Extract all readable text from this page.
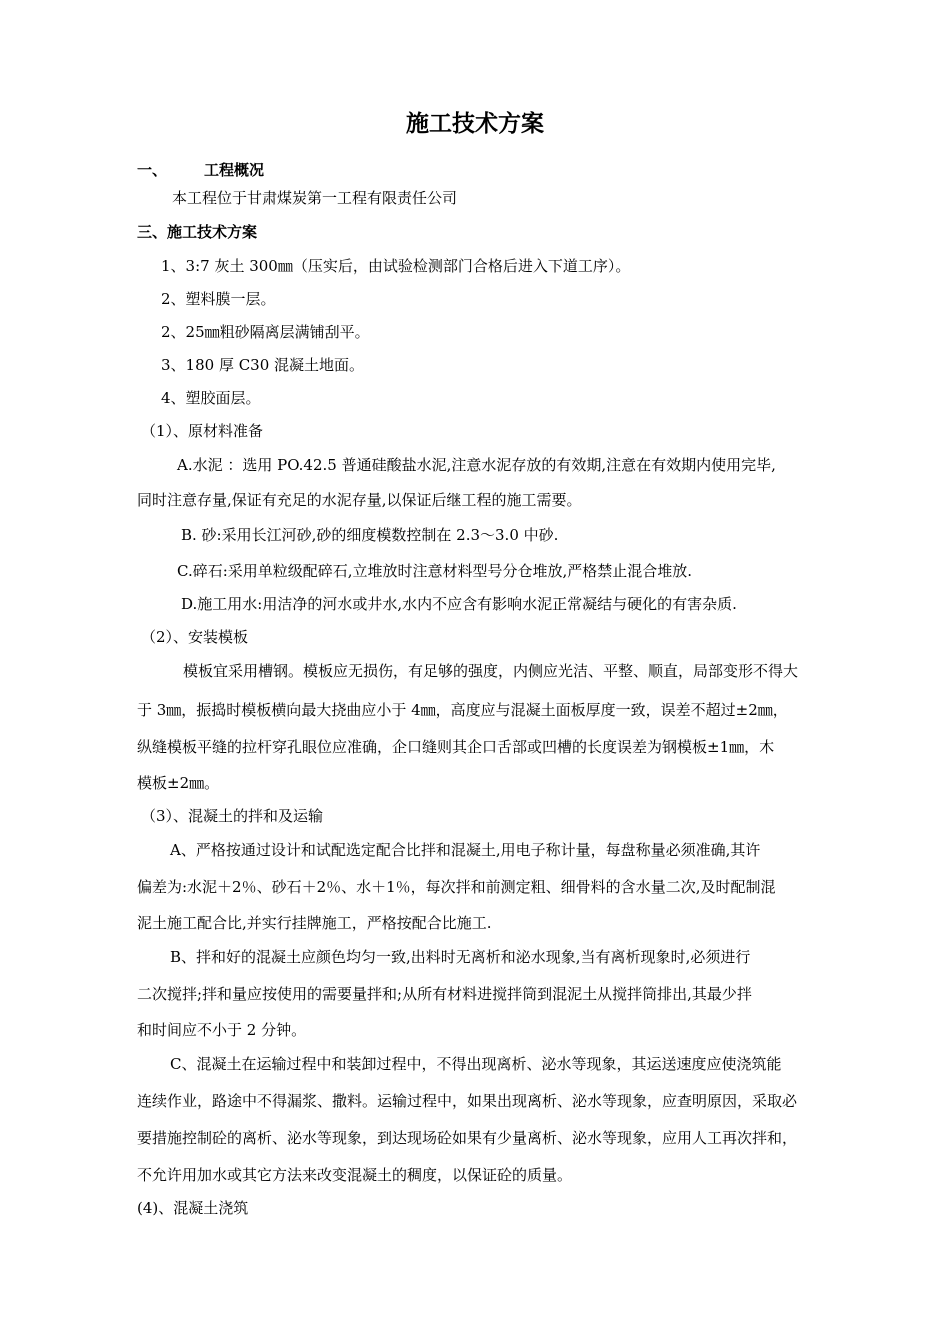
施工技术方案
一、 工程概况
本工程位于甘肃煤炭第一工程有限责任公司
三、施工技术方案
1、3:7 灰土 300㎜（压实后，由试验检测部门合格后进入下道工序）。
2、塑料膜一层。
2、25㎜粗砂隔离层满铺刮平。
3、180 厚 C30 混凝土地面。
4、塑胶面层。
（1）、原材料准备
A.水泥 ：选用 PO.42.5 普通硅酸盐水泥,注意水泥存放的有效期,注意在有效期内使用完毕,
同时注意存量,保证有充足的水泥存量,以保证后继工程的施工需要。
B. 砂:采用长江河砂,砂的细度模数控制在 2.3～3.0 中砂.
C.碎石:采用单粒级配碎石,立堆放时注意材料型号分仓堆放,严格禁止混合堆放.
D.施工用水:用洁净的河水或井水,水内不应含有影响水泥正常凝结与硬化的有害杂质.
（2）、安装模板
模板宜采用槽钢。模板应无损伤，有足够的强度，内侧应光洁、平整、顺直，局部变形不得大
于 3㎜，振捣时模板横向最大挠曲应小于 4㎜，高度应与混凝土面板厚度一致，误差不超过±2㎜，
纵缝模板平缝的拉杆穿孔眼位应准确，企口缝则其企口舌部或凹槽的长度误差为钢模板±1㎜，木
模板±2㎜。
（3）、混凝土的拌和及运输
A、严格按通过设计和试配选定配合比拌和混凝土,用电子称计量，每盘称量必须准确,其许
偏差为:水泥＋2％、砂石＋2％、水＋1％，每次拌和前测定粗、细骨料的含水量二次,及时配制混
泥土施工配合比,并实行挂牌施工，严格按配合比施工.
B、拌和好的混凝土应颜色均匀一致,出料时无离析和泌水现象,当有离析现象时,必须进行
二次搅拌;拌和量应按使用的需要量拌和;从所有材料进搅拌筒到混泥土从搅拌筒排出,其最少拌
和时间应不小于 2 分钟。
C、混凝土在运输过程中和装卸过程中，不得出现离析、泌水等现象，其运送速度应使浇筑能
连续作业，路途中不得漏浆、撒料。运输过程中，如果出现离析、泌水等现象，应查明原因，采取必
要措施控制砼的离析、泌水等现象，到达现场砼如果有少量离析、泌水等现象，应用人工再次拌和，
不允许用加水或其它方法来改变混凝土的稠度，以保证砼的质量。
(4)、混凝土浇筑
